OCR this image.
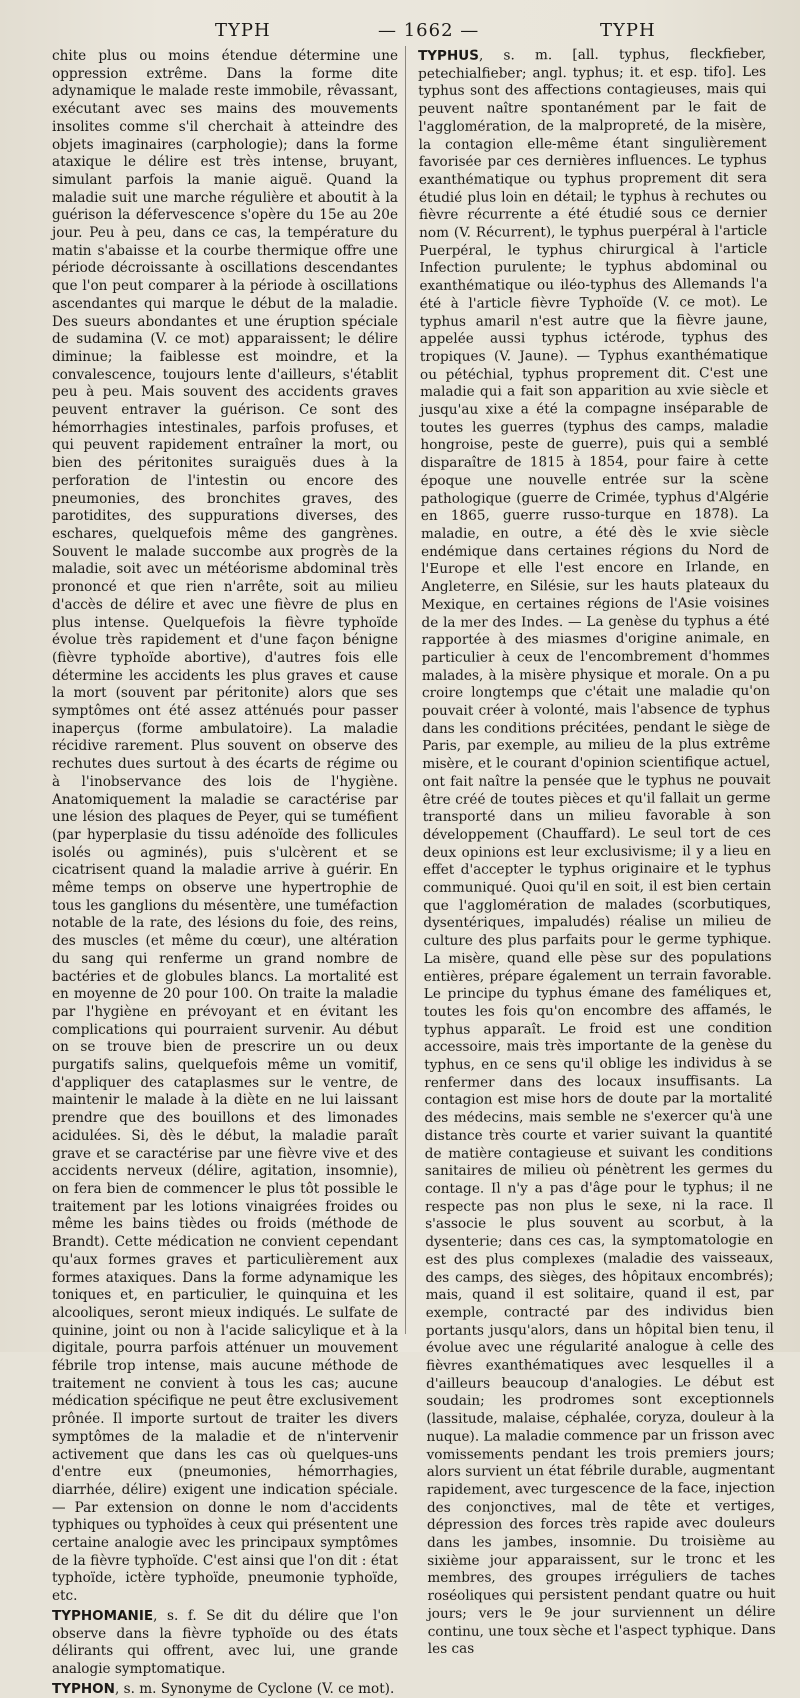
TYPH	— 1662 —	TYPH

chite plus ou moins étendue détermine une oppression extrême. Dans la forme dite adynamique le malade reste immobile, rêvassant, exécutant avec ses mains des mouvements insolites comme s'il cherchait à atteindre des objets imaginaires (carphologie); dans la forme ataxique le délire est très intense, bruyant, simulant parfois la manie aiguë. Quand la maladie suit une marche régulière et aboutit à la guérison la défervescence s'opère du 15e au 20e jour. Peu à peu, dans ce cas, la température du matin s'abaisse et la courbe thermique offre une période décroissante à oscillations descendantes que l'on peut comparer à la période à oscillations ascendantes qui marque le début de la maladie. Des sueurs abondantes et une éruption spéciale de sudamina (V. ce mot) apparaissent; le délire diminue; la faiblesse est moindre, et la convalescence, toujours lente d'ailleurs, s'établit peu à peu. Mais souvent des accidents graves peuvent entraver la guérison. Ce sont des hémorrhagies intestinales, parfois profuses, et qui peuvent rapidement entraîner la mort, ou bien des péritonites suraiguës dues à la perforation de l'intestin ou encore des pneumonies, des bronchites graves, des parotidites, des suppurations diverses, des eschares, quelquefois même des gangrènes. Souvent le malade succombe aux progrès de la maladie, soit avec un météorisme abdominal très prononcé et que rien n'arrête, soit au milieu d'accès de délire et avec une fièvre de plus en plus intense. Quelquefois la fièvre typhoïde évolue très rapidement et d'une façon bénigne (fièvre typhoïde abortive), d'autres fois elle détermine les accidents les plus graves et cause la mort (souvent par péritonite) alors que ses symptômes ont été assez atténués pour passer inaperçus (forme ambulatoire). La maladie récidive rarement. Plus souvent on observe des rechutes dues surtout à des écarts de régime ou à l'inobservance des lois de l'hygiène. Anatomiquement la maladie se caractérise par une lésion des plaques de Peyer, qui se tuméfient (par hyperplasie du tissu adénoïde des follicules isolés ou agminés), puis s'ulcèrent et se cicatrisent quand la maladie arrive à guérir. En même temps on observe une hypertrophie de tous les ganglions du mésentère, une tuméfaction notable de la rate, des lésions du foie, des reins, des muscles (et même du cœur), une altération du sang qui renferme un grand nombre de bactéries et de globules blancs. La mortalité est en moyenne de 20 pour 100. On traite la maladie par l'hygiène en prévoyant et en évitant les complications qui pourraient survenir. Au début on se trouve bien de prescrire un ou deux purgatifs salins, quelquefois même un vomitif, d'appliquer des cataplasmes sur le ventre, de maintenir le malade à la diète en ne lui laissant prendre que des bouillons et des limonades acidulées. Si, dès le début, la maladie paraît grave et se caractérise par une fièvre vive et des accidents nerveux (délire, agitation, insomnie), on fera bien de commencer le plus tôt possible le traitement par les lotions vinaigrées froides ou même les bains tièdes ou froids (méthode de Brandt). Cette médication ne convient cependant qu'aux formes graves et particulièrement aux formes ataxiques. Dans la forme adynamique les toniques et, en particulier, le quinquina et les alcooliques, seront mieux indiqués. Le sulfate de quinine, joint ou non à l'acide salicylique et à la digitale, pourra parfois atténuer un mouvement fébrile trop intense, mais aucune méthode de traitement ne convient à tous les cas; aucune médication spécifique ne peut être exclusivement prônée. Il importe surtout de traiter les divers symptômes de la maladie et de n'intervenir activement que dans les cas où quelques-uns d'entre eux (pneumonies, hémorrhagies, diarrhée, délire) exigent une indication spéciale. — Par extension on donne le nom d'accidents typhiques ou typhoïdes à ceux qui présentent une certaine analogie avec les principaux symptômes de la fièvre typhoïde. C'est ainsi que l'on dit : état typhoïde, ictère typhoïde, pneumonie typhoïde, etc.

TYPHOMANIE, s. f. Se dit du délire que l'on observe dans la fièvre typhoïde ou des états délirants qui offrent, avec lui, une grande analogie symptomatique.

TYPHON, s. m. Synonyme de Cyclone (V. ce mot).

TYPHUS, s. m. [all. typhus, fleckfieber, petechialfieber; angl. typhus; it. et esp. tifo]. Les typhus sont des affections contagieuses, mais qui peuvent naître spontanément par le fait de l'agglomération, de la malpropreté, de la misère, la contagion elle-même étant singulièrement favorisée par ces dernières influences. Le typhus exanthématique ou typhus proprement dit sera étudié plus loin en détail; le typhus à rechutes ou fièvre récurrente a été étudié sous ce dernier nom (V. Récurrent), le typhus puerpéral à l'article Puerpéral, le typhus chirurgical à l'article Infection purulente; le typhus abdominal ou exanthématique ou iléo-typhus des Allemands l'a été à l'article fièvre Typhoïde (V. ce mot). Le typhus amaril n'est autre que la fièvre jaune, appelée aussi typhus ictérode, typhus des tropiques (V. Jaune). — Typhus exanthématique ou pétéchial, typhus proprement dit. C'est une maladie qui a fait son apparition au xvie siècle et jusqu'au xixe a été la compagne inséparable de toutes les guerres (typhus des camps, maladie hongroise, peste de guerre), puis qui a semblé disparaître de 1815 à 1854, pour faire à cette époque une nouvelle entrée sur la scène pathologique (guerre de Crimée, typhus d'Algérie en 1865, guerre russo-turque en 1878). La maladie, en outre, a été dès le xvie siècle endémique dans certaines régions du Nord de l'Europe et elle l'est encore en Irlande, en Angleterre, en Silésie, sur les hauts plateaux du Mexique, en certaines régions de l'Asie voisines de la mer des Indes. — La genèse du typhus a été rapportée à des miasmes d'origine animale, en particulier à ceux de l'encombrement d'hommes malades, à la misère physique et morale. On a pu croire longtemps que c'était une maladie qu'on pouvait créer à volonté, mais l'absence de typhus dans les conditions précitées, pendant le siège de Paris, par exemple, au milieu de la plus extrême misère, et le courant d'opinion scientifique actuel, ont fait naître la pensée que le typhus ne pouvait être créé de toutes pièces et qu'il fallait un germe transporté dans un milieu favorable à son développement (Chauffard). Le seul tort de ces deux opinions est leur exclusivisme; il y a lieu en effet d'accepter le typhus originaire et le typhus communiqué. Quoi qu'il en soit, il est bien certain que l'agglomération de malades (scorbutiques, dysentériques, impaludés) réalise un milieu de culture des plus parfaits pour le germe typhique. La misère, quand elle pèse sur des populations entières, prépare également un terrain favorable. Le principe du typhus émane des faméliques et, toutes les fois qu'on encombre des affamés, le typhus apparaît. Le froid est une condition accessoire, mais très importante de la genèse du typhus, en ce sens qu'il oblige les individus à se renfermer dans des locaux insuffisants. La contagion est mise hors de doute par la mortalité des médecins, mais semble ne s'exercer qu'à une distance très courte et varier suivant la quantité de matière contagieuse et suivant les conditions sanitaires de milieu où pénètrent les germes du contage. Il n'y a pas d'âge pour le typhus; il ne respecte pas non plus le sexe, ni la race. Il s'associe le plus souvent au scorbut, à la dysenterie; dans ces cas, la symptomatologie en est des plus complexes (maladie des vaisseaux, des camps, des sièges, des hôpitaux encombrés); mais, quand il est solitaire, quand il est, par exemple, contracté par des individus bien portants jusqu'alors, dans un hôpital bien tenu, il évolue avec une régularité analogue à celle des fièvres exanthématiques avec lesquelles il a d'ailleurs beaucoup d'analogies. Le début est soudain; les prodromes sont exceptionnels (lassitude, malaise, céphalée, coryza, douleur à la nuque). La maladie commence par un frisson avec vomissements pendant les trois premiers jours; alors survient un état fébrile durable, augmentant rapidement, avec turgescence de la face, injection des conjonctives, mal de tête et vertiges, dépression des forces très rapide avec douleurs dans les jambes, insomnie. Du troisième au sixième jour apparaissent, sur le tronc et les membres, des groupes irréguliers de taches roséoliques qui persistent pendant quatre ou huit jours; vers le 9e jour surviennent un délire continu, une toux sèche et l'aspect typhique. Dans les cas
